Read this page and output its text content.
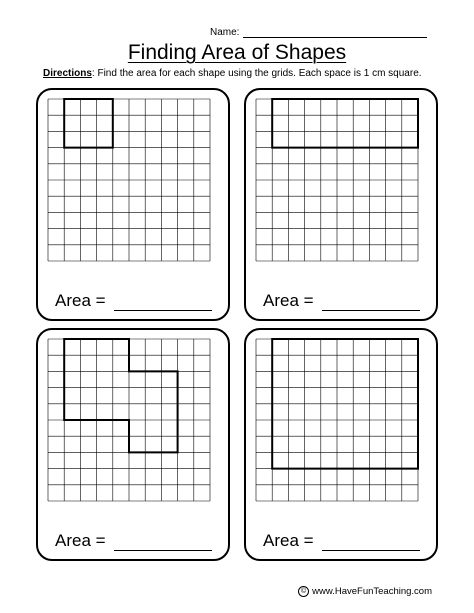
Name:
Finding Area of Shapes
Directions: Find the area for each shape using the grids. Each space is 1 cm square.
Area =	Area =
Area =	Area =
© www.HaveFunTeaching.com
